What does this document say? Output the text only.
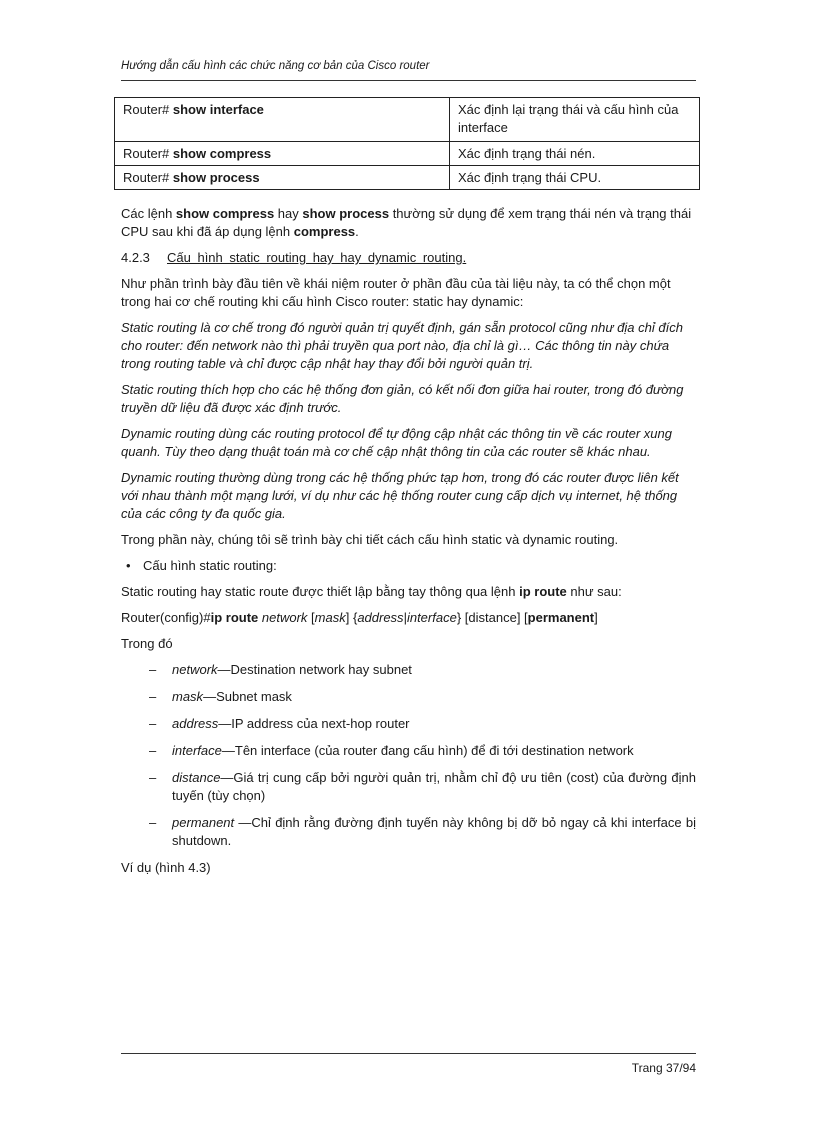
Hướng dẫn cấu hình các chức năng cơ bản của Cisco router
Router# show interface	Xác định lại trạng thái và cấu hình của interface
Router# show compress	Xác định trạng thái nén.
Router# show process	Xác định trạng thái CPU.

Các lệnh show compress hay show process thường sử dụng để xem trạng thái nén và trạng thái CPU sau khi đã áp dụng lệnh compress.

4.2.3 Cấu hình static routing hay hay dynamic routing.

Như phần trình bày đầu tiên về khái niệm router ở phần đầu của tài liệu này, ta có thể chọn một trong hai cơ chế routing khi cấu hình Cisco router: static hay dynamic:

Static routing là cơ chế trong đó người quản trị quyết định, gán sẵn protocol cũng như địa chỉ đích cho router: đến network nào thì phải truyền qua port nào, địa chỉ là gì… Các thông tin này chứa trong routing table và chỉ được cập nhật hay thay đổi bởi người quản trị.

Static routing thích hợp cho các hệ thống đơn giản, có kết nối đơn giữa hai router, trong đó đường truyền dữ liệu đã được xác định trước.

Dynamic routing dùng các routing protocol để tự động cập nhật các thông tin về các router xung quanh. Tùy theo dạng thuật toán mà cơ chế cập nhật thông tin của các router sẽ khác nhau.

Dynamic routing thường dùng trong các hệ thống phức tạp hơn, trong đó các router được liên kết với nhau thành một mạng lưới, ví dụ như các hệ thống router cung cấp dịch vụ internet, hệ thống của các công ty đa quốc gia.

Trong phần này, chúng tôi sẽ trình bày chi tiết cách cấu hình static và dynamic routing.

• Cấu hình static routing:

Static routing hay static route được thiết lập bằng tay thông qua lệnh ip route như sau:

Router(config)#ip route network [mask] {address|interface} [distance] [permanent]

Trong đó

– network—Destination network hay subnet

– mask—Subnet mask

– address—IP address của next-hop router

– interface—Tên interface (của router đang cấu hình) để đi tới destination network

– distance—Giá trị cung cấp bởi người quản trị, nhằm chỉ độ ưu tiên (cost) của đường định tuyến (tùy chọn)

– permanent —Chỉ định rằng đường định tuyến này không bị dỡ bỏ ngay cả khi interface bị shutdown.

Ví dụ (hình 4.3)

Trang 37/94
